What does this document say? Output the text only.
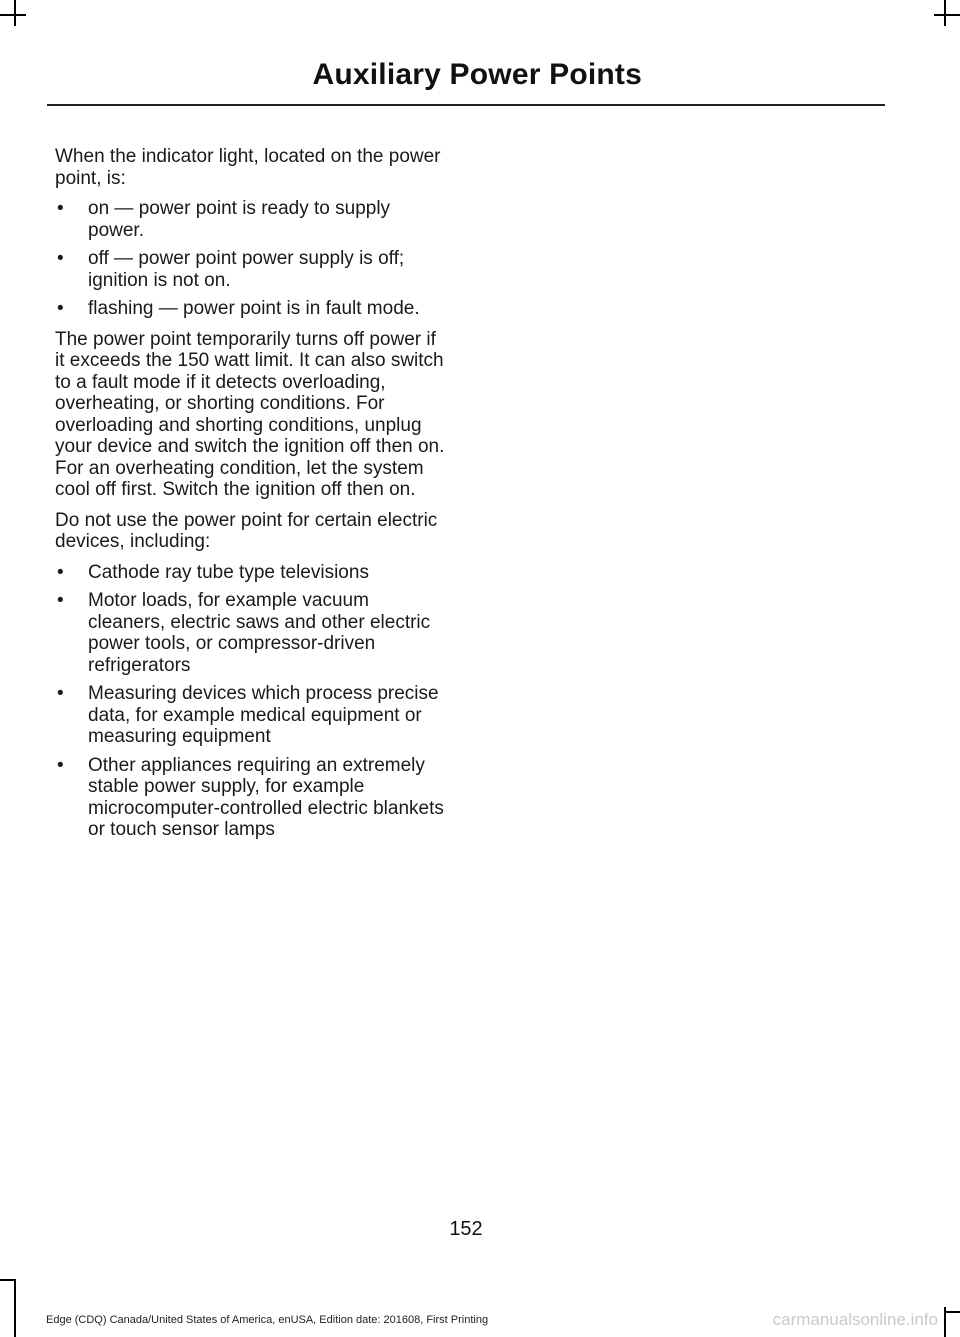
Auxiliary Power Points

When the indicator light, located on the power point, is:

• on — power point is ready to supply power.
• off — power point power supply is off; ignition is not on.
• flashing — power point is in fault mode.

The power point temporarily turns off power if it exceeds the 150 watt limit. It can also switch to a fault mode if it detects overloading, overheating, or shorting conditions. For overloading and shorting conditions, unplug your device and switch the ignition off then on. For an overheating condition, let the system cool off first. Switch the ignition off then on.

Do not use the power point for certain electric devices, including:

• Cathode ray tube type televisions
• Motor loads, for example vacuum cleaners, electric saws and other electric power tools, or compressor-driven refrigerators
• Measuring devices which process precise data, for example medical equipment or measuring equipment
• Other appliances requiring an extremely stable power supply, for example microcomputer-controlled electric blankets or touch sensor lamps
152
Edge (CDQ) Canada/United States of America, enUSA, Edition date: 201608, First Printing	carmanualsonline.info
